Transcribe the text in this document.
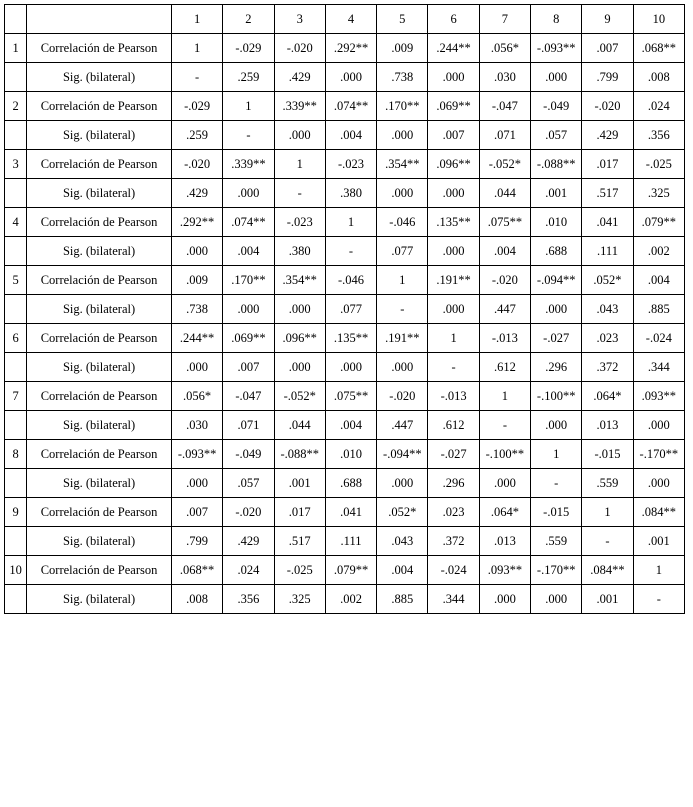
		1	2	3	4	5	6	7	8	9	10
1	Correlación de Pearson	1	-.029	-.020	.292**	.009	.244**	.056*	-.093**	.007	.068**
	Sig. (bilateral)	-	.259	.429	.000	.738	.000	.030	.000	.799	.008
2	Correlación de Pearson	-.029	1	.339**	.074**	.170**	.069**	-.047	-.049	-.020	.024
	Sig. (bilateral)	.259	-	.000	.004	.000	.007	.071	.057	.429	.356
3	Correlación de Pearson	-.020	.339**	1	-.023	.354**	.096**	-.052*	-.088**	.017	-.025
	Sig. (bilateral)	.429	.000	-	.380	.000	.000	.044	.001	.517	.325
4	Correlación de Pearson	.292**	.074**	-.023	1	-.046	.135**	.075**	.010	.041	.079**
	Sig. (bilateral)	.000	.004	.380	-	.077	.000	.004	.688	.111	.002
5	Correlación de Pearson	.009	.170**	.354**	-.046	1	.191**	-.020	-.094**	.052*	.004
	Sig. (bilateral)	.738	.000	.000	.077	-	.000	.447	.000	.043	.885
6	Correlación de Pearson	.244**	.069**	.096**	.135**	.191**	1	-.013	-.027	.023	-.024
	Sig. (bilateral)	.000	.007	.000	.000	.000	-	.612	.296	.372	.344
7	Correlación de Pearson	.056*	-.047	-.052*	.075**	-.020	-.013	1	-.100**	.064*	.093**
	Sig. (bilateral)	.030	.071	.044	.004	.447	.612	-	.000	.013	.000
8	Correlación de Pearson	-.093**	-.049	-.088**	.010	-.094**	-.027	-.100**	1	-.015	-.170**
	Sig. (bilateral)	.000	.057	.001	.688	.000	.296	.000	-	.559	.000
9	Correlación de Pearson	.007	-.020	.017	.041	.052*	.023	.064*	-.015	1	.084**
	Sig. (bilateral)	.799	.429	.517	.111	.043	.372	.013	.559	-	.001
10	Correlación de Pearson	.068**	.024	-.025	.079**	.004	-.024	.093**	-.170**	.084**	1
	Sig. (bilateral)	.008	.356	.325	.002	.885	.344	.000	.000	.001	-
